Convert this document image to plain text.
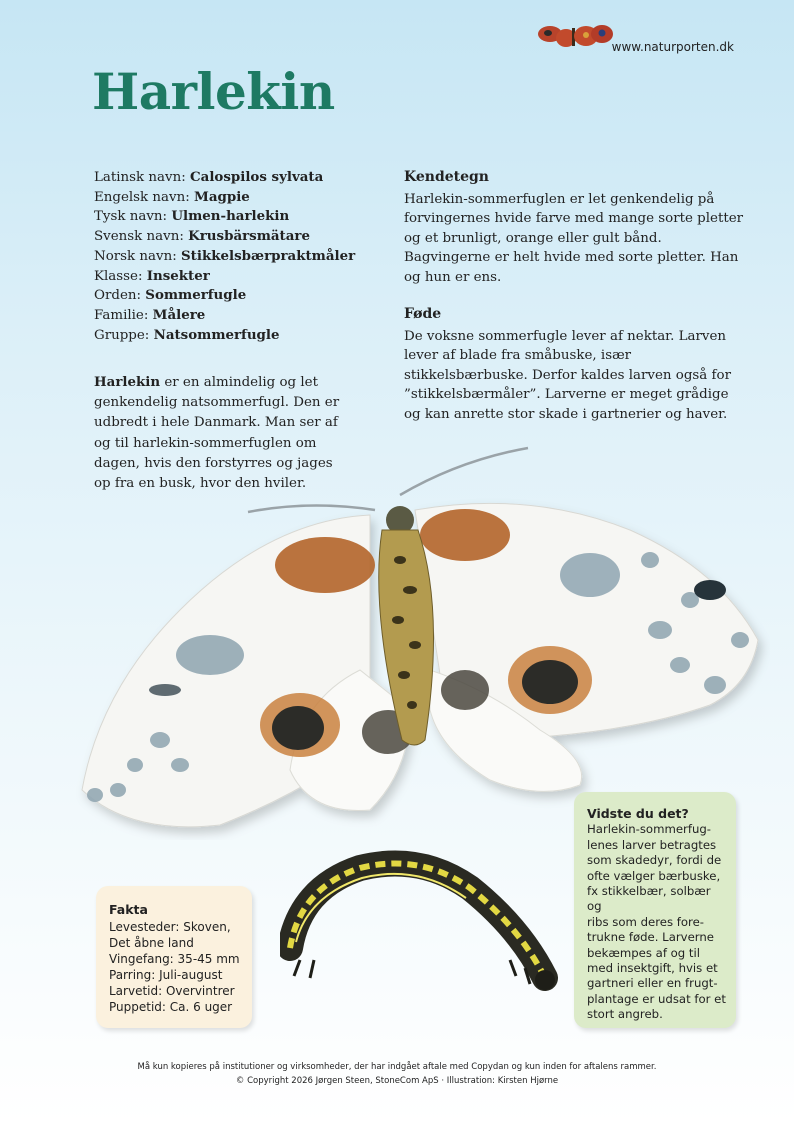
www.naturporten.dk
Harlekin
Latinsk navn: Calospilos sylvata
Engelsk navn: Magpie
Tysk navn: Ulmen-harlekin
Svensk navn: Krusbärsmätare
Norsk navn: Stikkelsbærpraktmåler
Klasse: Insekter
Orden: Sommerfugle
Familie: Målere
Gruppe: Natsommerfugle
Harlekin er en almindelig og let genkendelig natsommerfugl. Den er udbredt i hele Danmark. Man ser af og til harlekin-sommerfuglen om dagen, hvis den forstyrres og jages op fra en busk, hvor den hviler.
Kendetegn

Harlekin-sommerfuglen er let genkendelig på forvingernes hvide farve med mange sorte pletter og et brunligt, orange eller gult bånd. Bagvingerne er helt hvide med sorte pletter. Han og hun er ens.

Føde

De voksne sommerfugle lever af nektar. Larven lever af blade fra småbuske, især stikkelsbærbuske. Derfor kaldes larven også for ”stikkelsbærmåler”. Larverne er meget grådige og kan anrette stor skade i gartnerier og haver.

Fakta
Levesteder: Skoven,
Det åbne land
Vingefang: 35-45 mm
Parring: Juli-august
Larvetid: Overvintrer
Puppetid: Ca. 6 uger
Vidste du det?
Harlekin-sommerfug-
lenes larver betragtes
som skadedyr, fordi de
ofte vælger bærbuske,
fx stikkelbær, solbær og
ribs som deres fore-
trukne føde. Larverne
bekæmpes af og til
med insektgift, hvis et
gartneri eller en frugt-
plantage er udsat for et
stort angreb.
Må kun kopieres på institutioner og virksomheder, der har indgået aftale med Copydan og kun inden for aftalens rammer.
© Copyright 2026 Jørgen Steen, StoneCom ApS · Illustration: Kirsten Hjørne
